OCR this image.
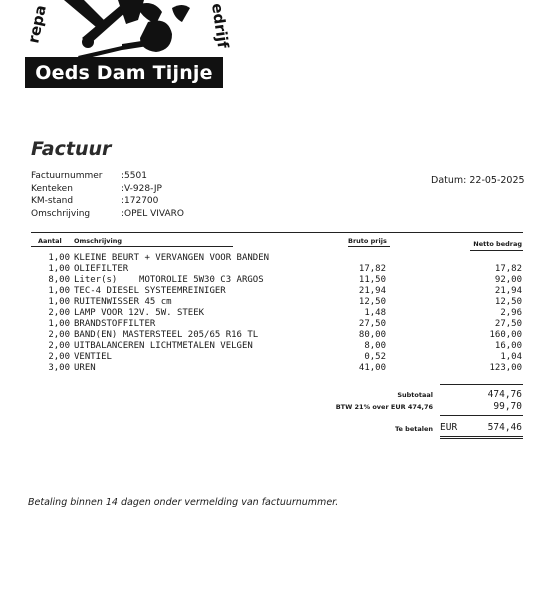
repa	edrijf
Oeds Dam Tijnje
Factuur
Factuurnummer	:5501
Kenteken	:V-928-JP
KM-stand	:172700
Omschrijving	:OPEL VIVARO
Datum: 22-05-2025
Aantal Omschrijving	Bruto prijs	Netto bedrag
1,00 KLEINE BEURT + VERVANGEN VOOR BANDEN
1,00 OLIEFILTER	17,82	17,82
8,00 Liter(s)    MOTOROLIE 5W30 C3 ARGOS	11,50	92,00
1,00 TEC-4 DIESEL SYSTEEMREINIGER	21,94	21,94
1,00 RUITENWISSER 45 cm	12,50	12,50
2,00 LAMP VOOR 12V. 5W. STEEK	1,48	2,96
1,00 BRANDSTOFFILTER	27,50	27,50
2,00 BAND(EN) MASTERSTEEL 205/65 R16 TL	80,00	160,00
2,00 UITBALANCEREN LICHTMETALEN VELGEN	8,00	16,00
2,00 VENTIEL	0,52	1,04
3,00 UREN	41,00	123,00
Subtotaal	474,76
BTW 21% over EUR 474,76	99,70
Te betalen EUR	574,46
Betaling binnen 14 dagen onder vermelding van factuurnummer.
